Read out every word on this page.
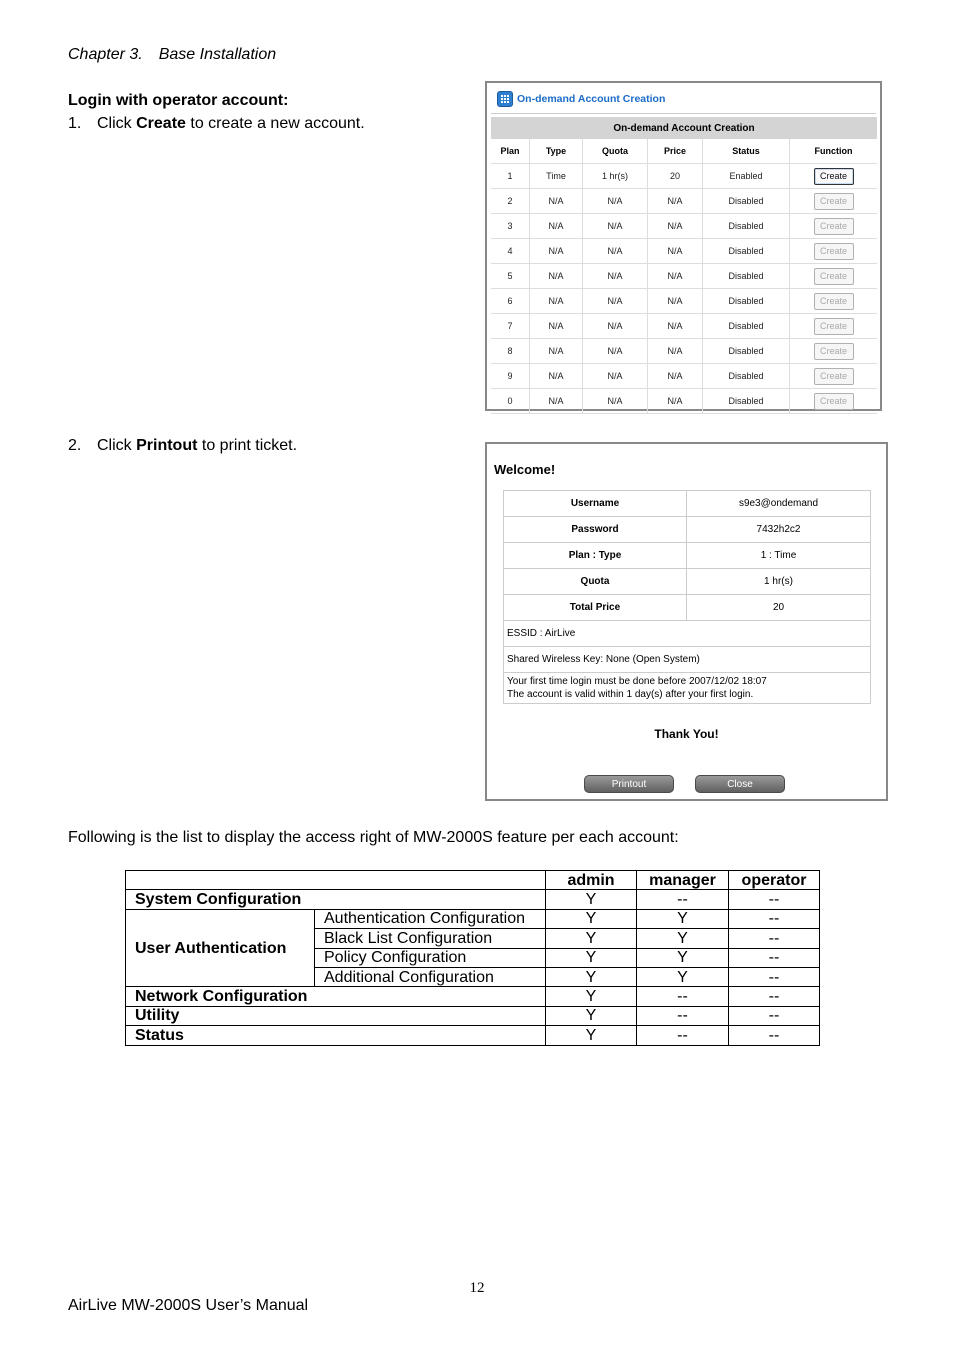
Chapter 3. Base Installation
Login with operator account:
1. Click Create to create a new account.
2. Click Printout to print ticket.
On-demand Account Creation
On-demand Account Creation
Plan	Type	Quota	Price	Status	Function
1	Time	1 hr(s)	20	Enabled	Create
2	N/A	N/A	N/A	Disabled	Create
3	N/A	N/A	N/A	Disabled	Create
4	N/A	N/A	N/A	Disabled	Create
5	N/A	N/A	N/A	Disabled	Create
6	N/A	N/A	N/A	Disabled	Create
7	N/A	N/A	N/A	Disabled	Create
8	N/A	N/A	N/A	Disabled	Create
9	N/A	N/A	N/A	Disabled	Create
0	N/A	N/A	N/A	Disabled	Create
Welcome!
Username	s9e3@ondemand
Password	7432h2c2
Plan : Type	1 : Time
Quota	1 hr(s)
Total Price	20
ESSID : AirLive	
Shared Wireless Key: None (Open System)	

Your first time login must be done before 2007/12/02 18:07
The account is valid within 1 day(s) after your first login.	
Thank You!
Printout	Close
Following is the list to display the access right of MW-2000S feature per each account:
		admin	manager	operator
System Configuration		Y	--	--
User Authentication	Authentication Configuration	Y	Y	--
	Black List Configuration	Y	Y	--
	Policy Configuration	Y	Y	--
	Additional Configuration	Y	Y	--
Network Configuration		Y	--	--
Utility		Y	--	--
Status		Y	--	--
12
AirLive MW-2000S User’s Manual
